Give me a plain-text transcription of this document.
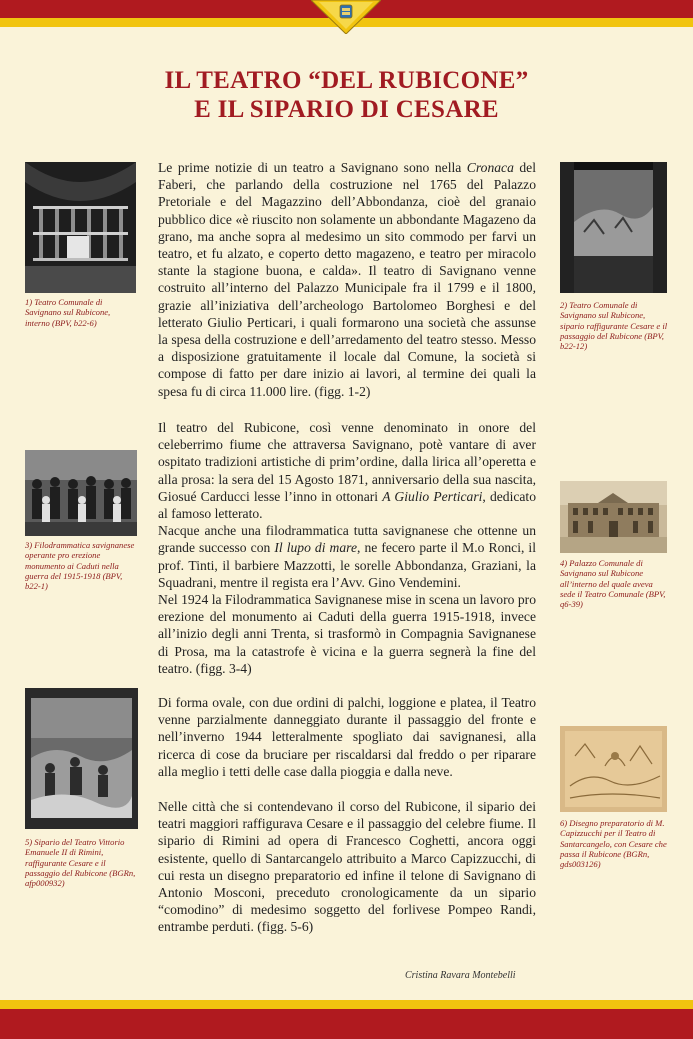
IL TEATRO “DEL RUBICONE”
E IL SIPARIO DI CESARE
1) Teatro Comunale di Savignano sul Rubicone, interno (BPV, b22-6)
2) Teatro Comunale di Savignano sul Rubicone, sipario raffigurante Cesare e il passaggio del Rubicone (BPV, b22-12)
3) Filodrammatica savignanese operante pro erezione monumento ai Caduti nella guerra del 1915-1918 (BPV, b22-1)
4) Palazzo Comunale di Savignano sul Rubicone all’interno del quale aveva sede il Teatro Comunale (BPV, q6-39)
5) Sipario del Teatro Vittorio Emanuele II di Rimini, raffigurante Cesare e il passaggio del Rubicone (BGRn, afp000932)
6) Disegno preparatorio di M. Capizzucchi per il Teatro di Santarcangelo, con Cesare che passa il Rubicone (BGRn, gds003126)

Le prime notizie di un teatro a Savignano sono nella Cronaca del Faberi, che parlando della costruzione nel 1765 del Palazzo Pretoriale e del Magazzino dell’Abbondanza, cioè del granaio pubblico dice «è riuscito non solamente un abbondante Magazeno da grano, ma anche sopra al medesimo un sito commodo per farvi un teatro, et fu alzato, e coperto detto magazeno, e teatro per miracolo stante la stagione buona, e calda». Il teatro di Savignano venne costruito all’interno del Palazzo Municipale fra il 1799 e il 1800, grazie all’iniziativa dell’archeologo Bartolomeo Borghesi e del letterato Giulio Perticari, i quali formarono una società che assunse la spesa della costruzione e dell’arredamento del teatro stesso. Messo a disposizione gratuitamente il locale dal Comune, la società si compose di fatto per dare inizio ai lavori, al termine dei quali la spesa fu di circa 11.000 lire. (figg. 1-2)

Il teatro del Rubicone, così venne denominato in onore del celeberrimo fiume che attraversa Savignano, potè vantare di aver ospitato tradizioni artistiche di prim’ordine, dalla lirica all’operetta e alla prosa: la sera del 15 Agosto 1871, anniversario della sua nascita, Giosué Carducci lesse l’inno in ottonari A Giulio Perticari, dedicato al famoso letterato.

Nacque anche una filodrammatica tutta savignanese che ottenne un grande successo con Il lupo di mare, ne fecero parte il M.o Ronci, il prof. Tinti, il barbiere Mazzotti, le sorelle Abbondanza, Graziani, la Squadrani, mentre il regista era l’Avv. Gino Vendemini.

Nel 1924 la Filodrammatica Savignanese mise in scena un lavoro pro erezione del monumento ai Caduti della guerra 1915-1918, invece all’inizio degli anni Trenta, si trasformò in Compagnia Savignanese di Prosa, ma la catastrofe è vicina e la guerra segnerà la fine del teatro. (figg. 3-4)

Di forma ovale, con due ordini di palchi, loggione e platea, il Teatro venne parzialmente danneggiato durante il passaggio del fronte e nell’inverno 1944 letteralmente spogliato dai savignanesi, alla ricerca di cose da bruciare per riscaldarsi dal freddo o per riparare alla meglio i tetti delle case dalla pioggia e dalla neve.

Nelle città che si contendevano il corso del Rubicone, il sipario dei teatri maggiori raffigurava Cesare e il passaggio del celebre fiume. Il sipario di Rimini ad opera di Francesco Coghetti, ancora oggi esistente, quello di Santarcangelo attribuito a Marco Capizzucchi, di cui resta un disegno preparatorio ed infine il telone di Savignano di Antonio Mosconi, preceduto cronologicamente da un sipario “comodino” di medesimo soggetto del forlivese Pompeo Randi, entrambe perduti. (figg. 5-6)

Cristina Ravara Montebelli
